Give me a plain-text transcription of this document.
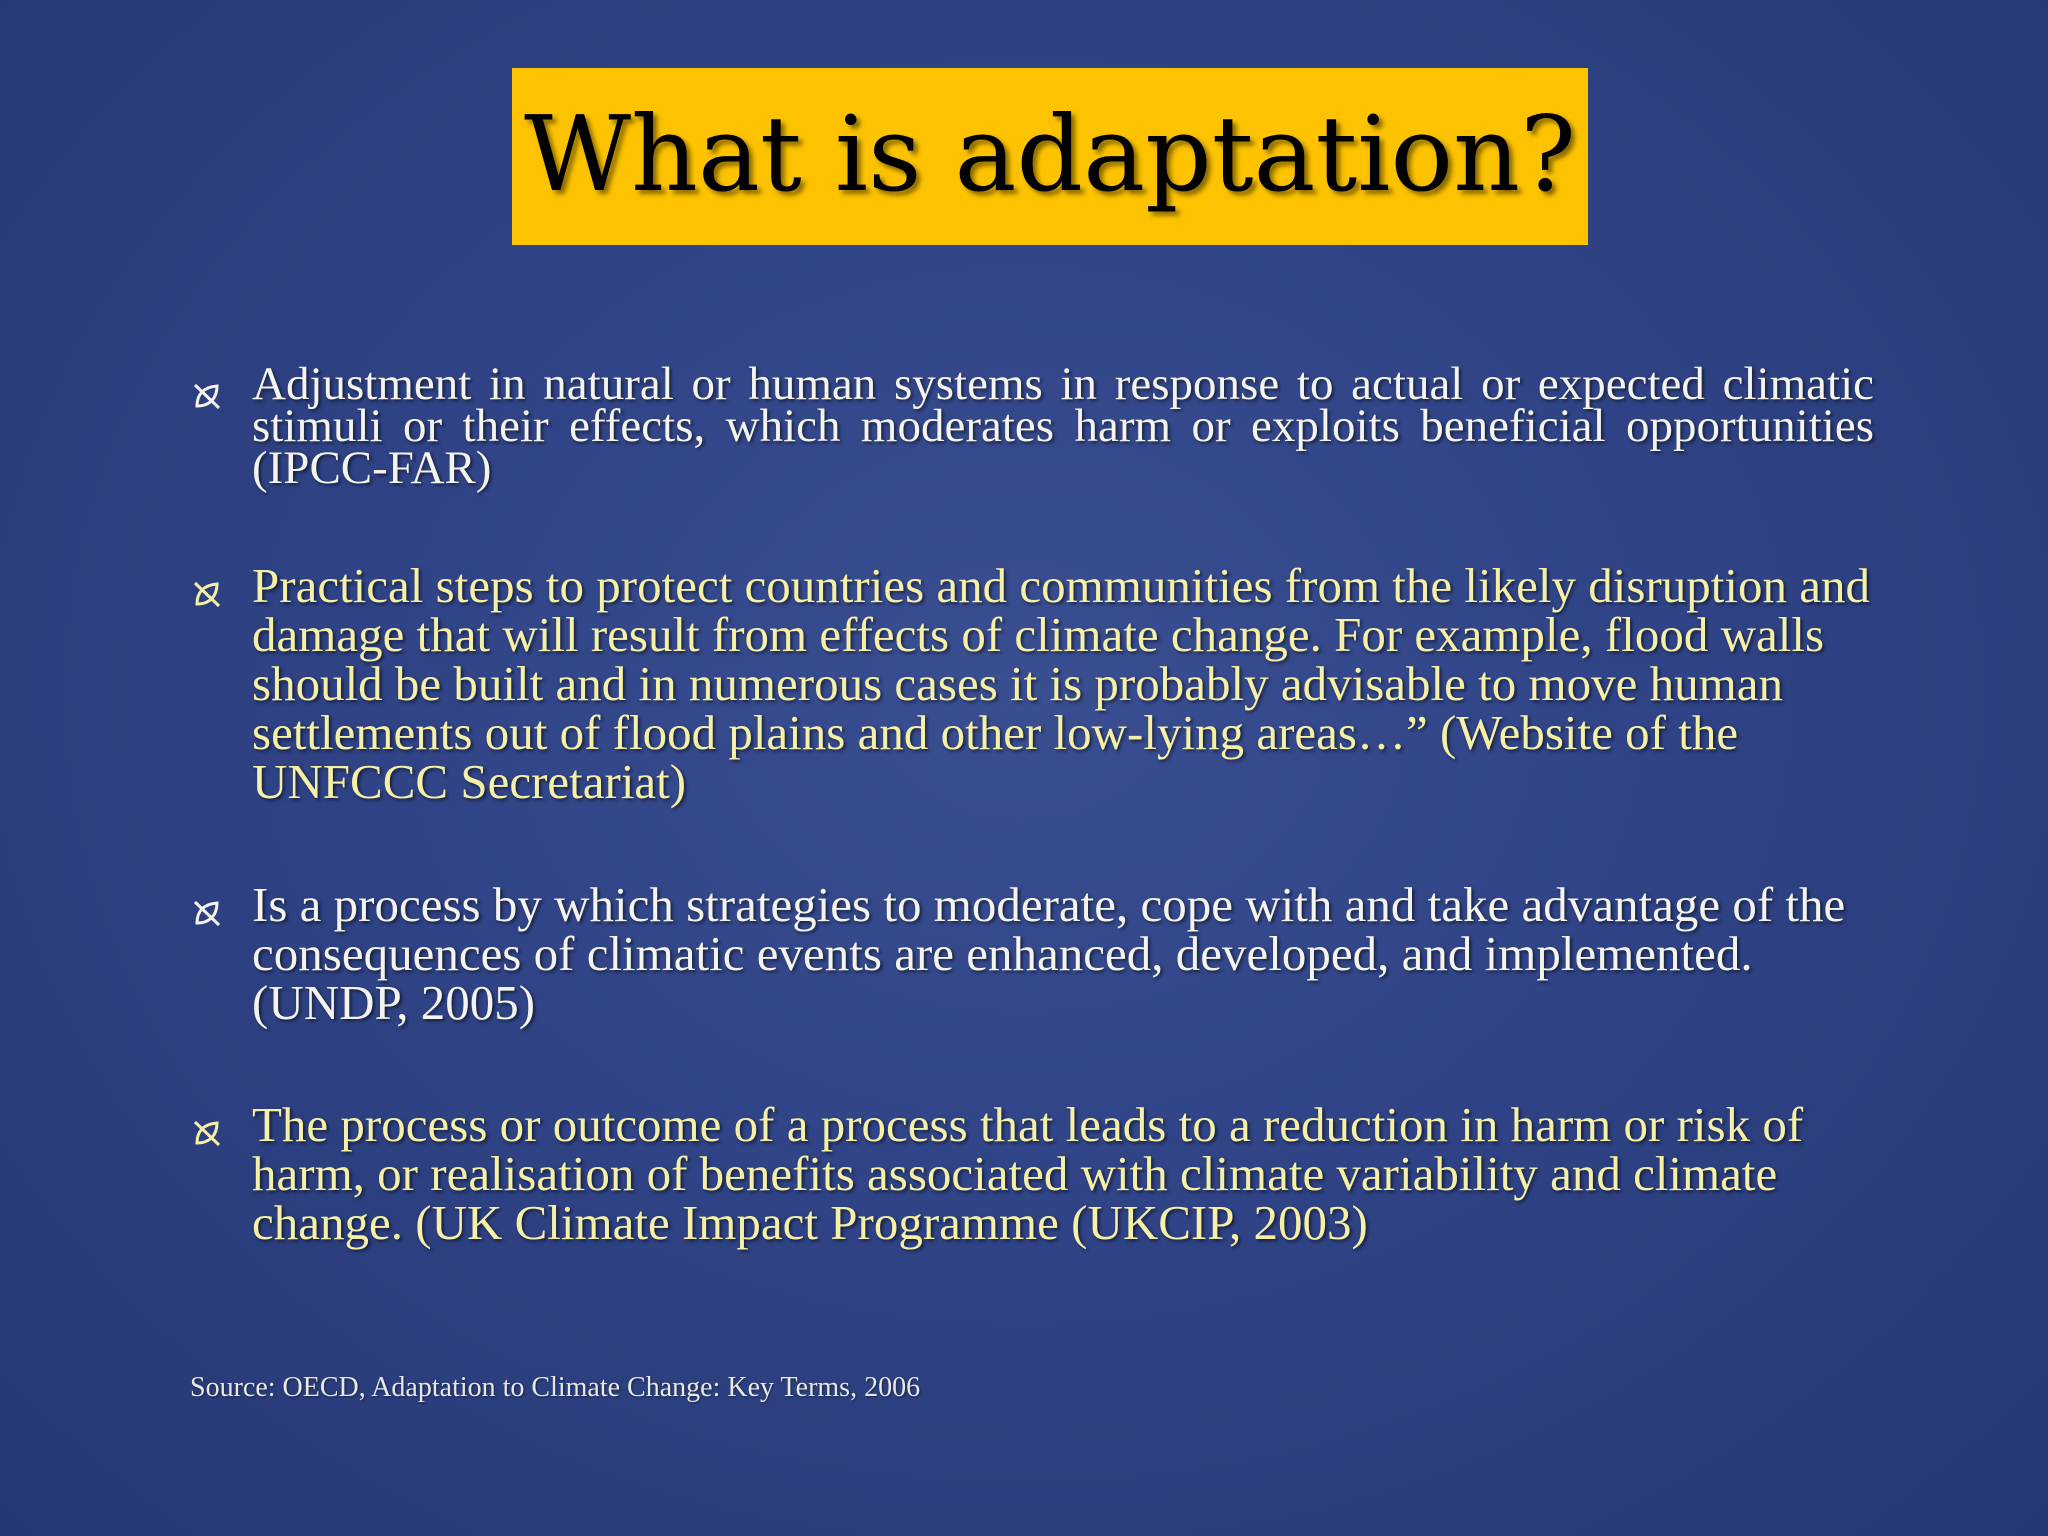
What is adaptation?
Adjustment in natural or human systems in response to actual or expected climatic stimuli or their effects, which moderates harm or exploits beneficial opportunities (IPCC-FAR)
Practical steps to protect countries and communities from the likely disruption and damage that will result from effects of climate change. For example, flood walls should be built and in numerous cases it is probably advisable to move human settlements out of flood plains and other low-lying areas…” (Website of the UNFCCC Secretariat)
Is a process by which strategies to moderate, cope with and take advantage of the consequences of climatic events are enhanced, developed, and implemented. (UNDP, 2005)
The process or outcome of a process that leads to a reduction in harm or risk of harm, or realisation of benefits associated with climate variability and climate change. (UK Climate Impact Programme (UKCIP, 2003)
Source: OECD, Adaptation to Climate Change: Key Terms, 2006
